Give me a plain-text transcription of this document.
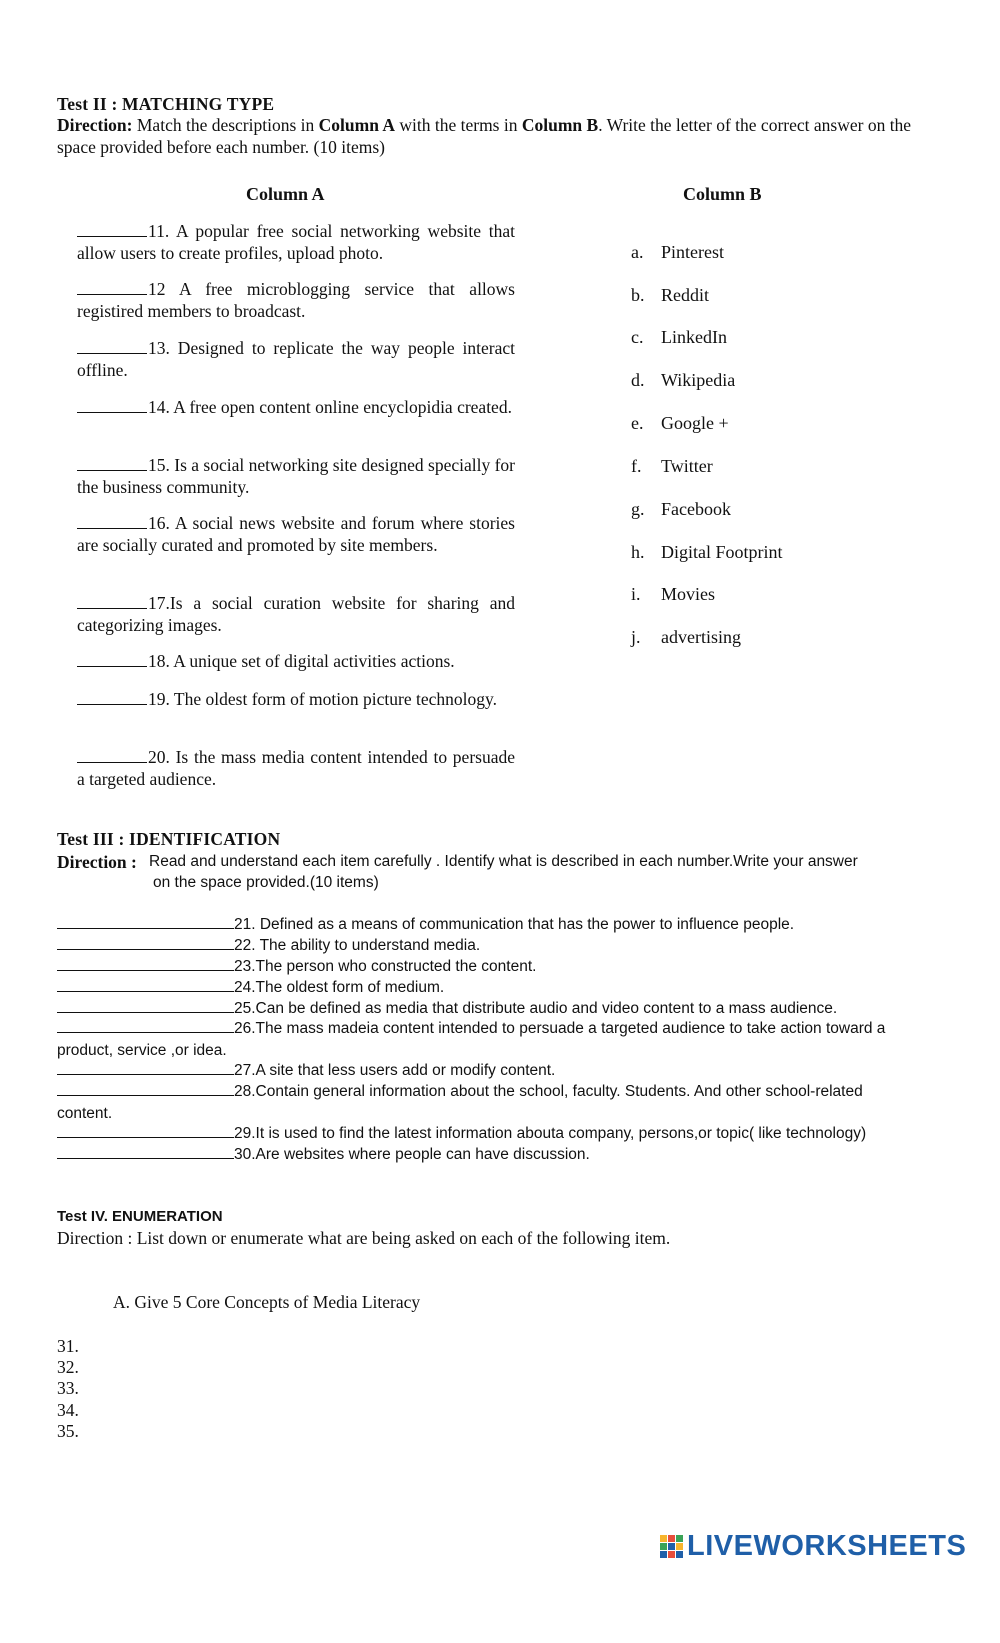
Test II : MATCHING TYPE
Direction: Match the descriptions in Column A with the terms in Column B. Write the letter of the correct answer on the space provided before each number. (10 items)
Column A	Column B
11. A popular free social networking website that allow users to create profiles, upload photo.
12 A free microblogging service that allows registired members to broadcast.
13. Designed to replicate the way people interact offline.
14. A free open content online encyclopidia created.
15. Is a social networking site designed specially for the business community.
16. A social news website and forum where stories are socially curated and promoted by site members.
17.Is a social curation website for sharing and categorizing images.
18. A unique set of digital activities actions.
19. The oldest form of motion picture technology.
20. Is the mass media content intended to persuade a targeted audience.
a. Pinterest
b. Reddit
c. LinkedIn
d. Wikipedia
e. Google +
f. Twitter
g. Facebook
h. Digital Footprint
i. Movies
j. advertising
Test III : IDENTIFICATION
Direction : Read and understand each item carefully . Identify what is described in each number.Write your answer
on the space provided.(10 items)
21. Defined as a means of communication that has the power to influence people.
22. The ability to understand media.
23.The person who constructed the content.
24.The oldest form of medium.
25.Can be defined as media that distribute audio and video content to a mass audience.
26.The mass madeia content intended to persuade a targeted audience to take action toward a
product, service ,or idea.
27.A site that less users add or modify content.
28.Contain general information about the school, faculty. Students. And other school-related
content.
29.It is used to find the latest information abouta company, persons,or topic( like technology)
30.Are websites where people can have discussion.
Test IV. ENUMERATION
Direction : List down or enumerate what are being asked on each of the following item.
A. Give 5 Core Concepts of Media Literacy
31.
32.
33.
34.
35.
LIVEWORKSHEETS
